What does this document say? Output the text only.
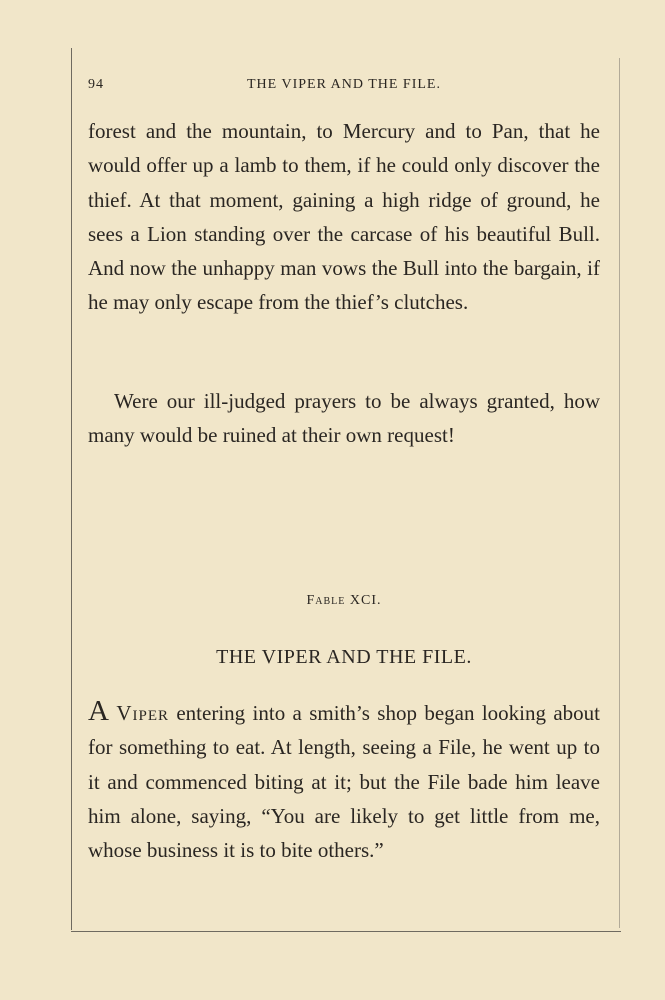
94	THE VIPER AND THE FILE.

forest and the mountain, to Mercury and to Pan, that he would offer up a lamb to them, if he could only discover the thief. At that moment, gaining a high ridge of ground, he sees a Lion standing over the carcase of his beautiful Bull. And now the unhappy man vows the Bull into the bargain, if he may only escape from the thief’s clutches.

Were our ill-judged prayers to be always granted, how many would be ruined at their own request!

Fable XCI.
THE VIPER AND THE FILE.

A Viper entering into a smith’s shop began looking about for something to eat. At length, seeing a File, he went up to it and commenced biting at it; but the File bade him leave him alone, saying, “You are likely to get little from me, whose business it is to bite others.”
